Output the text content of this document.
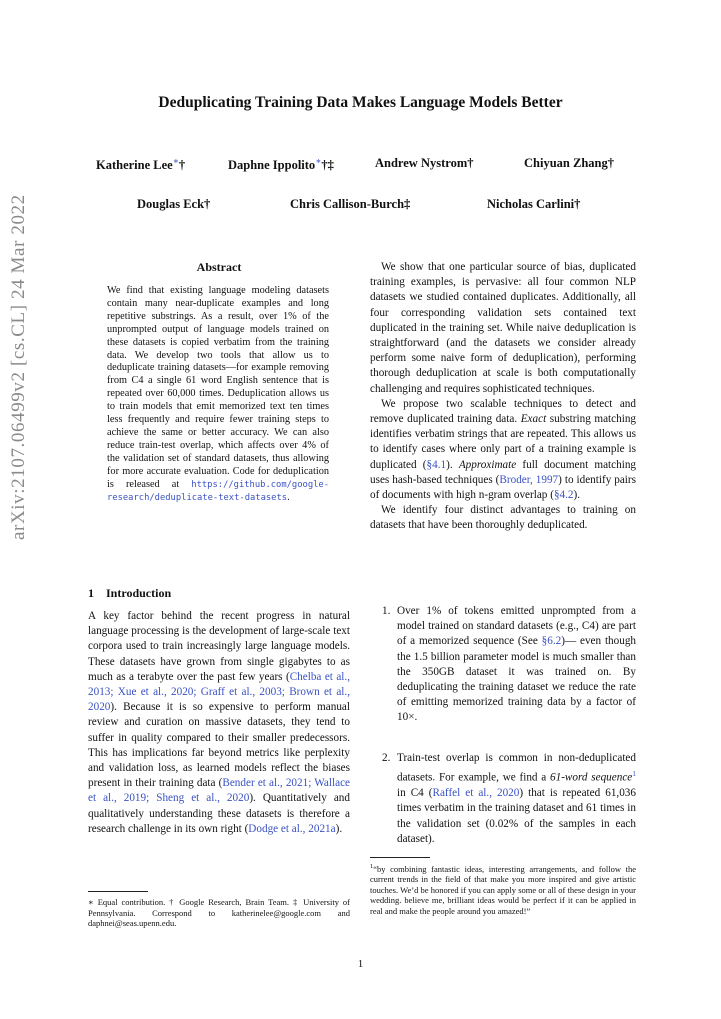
Deduplicating Training Data Makes Language Models Better
Katherine Lee∗†	Daphne Ippolito∗†‡	Andrew Nystrom†	Chiyuan Zhang†
Douglas Eck†	Chris Callison-Burch‡	Nicholas Carlini†
arXiv:2107.06499v2 [cs.CL] 24 Mar 2022	Abstract
We find that existing language modeling datasets contain many near-duplicate examples and long repetitive substrings. As a result, over 1% of the unprompted output of language models trained on these datasets is copied verbatim from the training data. We develop two tools that allow us to deduplicate training datasets—for example removing from C4 a single 61 word English sentence that is repeated over 60,000 times. Deduplication allows us to train models that emit memorized text ten times less frequently and require fewer training steps to achieve the same or better accuracy. We can also reduce train-test overlap, which affects over 4% of the validation set of standard datasets, thus allowing for more accurate evaluation. Code for deduplication is released at https://github.com/google-research/deduplicate-text-datasets.
1 Introduction
A key factor behind the recent progress in natural language processing is the development of large-scale text corpora used to train increasingly large language models. These datasets have grown from single gigabytes to as much as a terabyte over the past few years (Chelba et al., 2013; Xue et al., 2020; Graff et al., 2003; Brown et al., 2020). Because it is so expensive to perform manual review and curation on massive datasets, they tend to suffer in quality compared to their smaller predecessors. This has implications far beyond metrics like perplexity and validation loss, as learned models reflect the biases present in their training data (Bender et al., 2021; Wallace et al., 2019; Sheng et al., 2020). Quantitatively and qualitatively understanding these datasets is therefore a research challenge in its own right (Dodge et al., 2021a).

We show that one particular source of bias, duplicated training examples, is pervasive: all four common NLP datasets we studied contained duplicates. Additionally, all four corresponding validation sets contained text duplicated in the training set. While naive deduplication is straightforward (and the datasets we consider already perform some naive form of deduplication), performing thorough deduplication at scale is both computationally challenging and requires sophisticated techniques.

We propose two scalable techniques to detect and remove duplicated training data. Exact substring matching identifies verbatim strings that are repeated. This allows us to identify cases where only part of a training example is duplicated (§4.1). Approximate full document matching uses hash-based techniques (Broder, 1997) to identify pairs of documents with high n-gram overlap (§4.2).

We identify four distinct advantages to training on datasets that have been thoroughly deduplicated.

1. Over 1% of tokens emitted unprompted from a model trained on standard datasets (e.g., C4) are part of a memorized sequence (See §6.2)— even though the 1.5 billion parameter model is much smaller than the 350GB dataset it was trained on. By deduplicating the training dataset we reduce the rate of emitting memorized training data by a factor of 10×.
2. Train-test overlap is common in non-deduplicated datasets. For example, we find a 61-word sequence$^1$ in C4 (Raffel et al., 2020) that is repeated 61,036 times verbatim in the training dataset and 61 times in the validation set (0.02% of the samples in each dataset).
∗ Equal contribution. † Google Research, Brain Team. ‡ University of Pennsylvania. Correspond to katherinelee@google.com and daphnei@seas.upenn.edu.
$^1$“by combining fantastic ideas, interesting arrangements, and follow the current trends in the field of that make you more inspired and give artistic touches. We’d be honored if you can apply some or all of these design in your wedding. believe me, brilliant ideas would be perfect if it can be applied in real and make the people around you amazed!”
1
